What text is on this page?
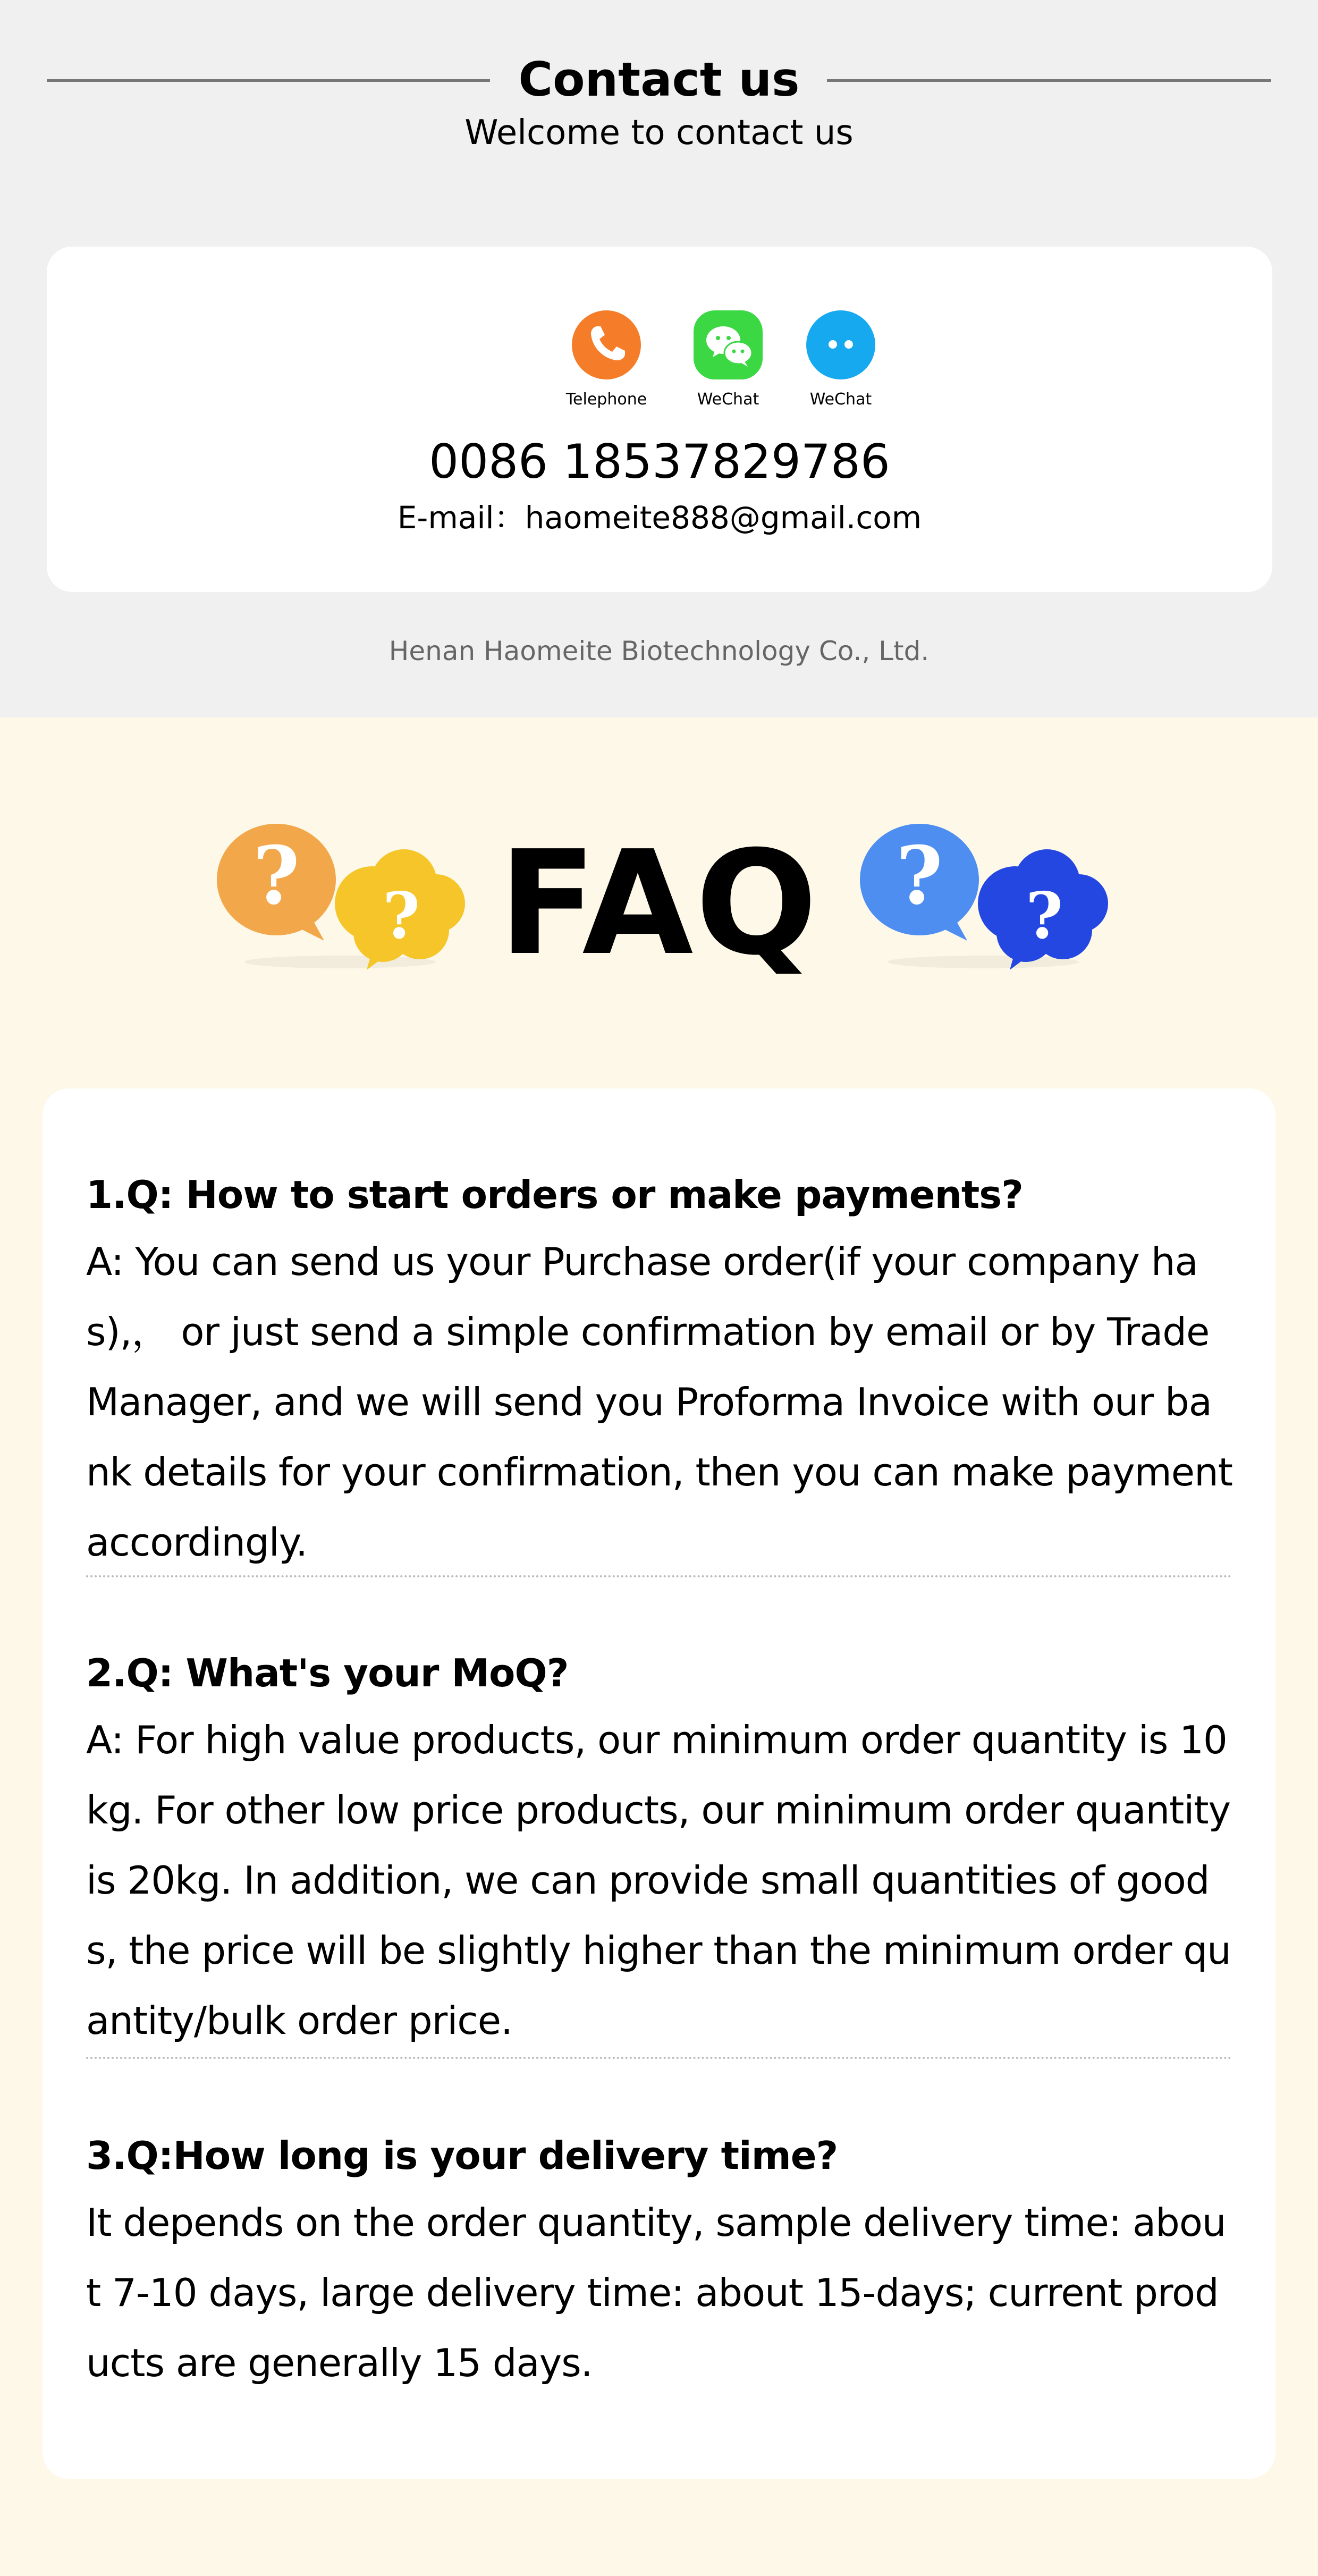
Contact us
Welcome to contact us
Telephone	WeChat	WeChat
0086 18537829786
E-mail：haomeite888@gmail.com
Henan Haomeite Biotechnology Co., Ltd.
? ? FAQ ? ?
1.Q: How to start orders or make payments?
A: You can send us your Purchase order(if your company has),， or just send a simple confirmation by email or by Trade Manager, and we will send you Proforma Invoice with our bank details for your confirmation, then you can make payment accordingly.
2.Q: What's your MoQ?
A: For high value products, our minimum order quantity is 10kg. For other low price products, our minimum order quantity is 20kg. In addition, we can provide small quantities of goods, the price will be slightly higher than the minimum order quantity/bulk order price.
3.Q:How long is your delivery time?
It depends on the order quantity, sample delivery time: about 7-10 days, large delivery time: about 15-days; current products are generally 15 days.
